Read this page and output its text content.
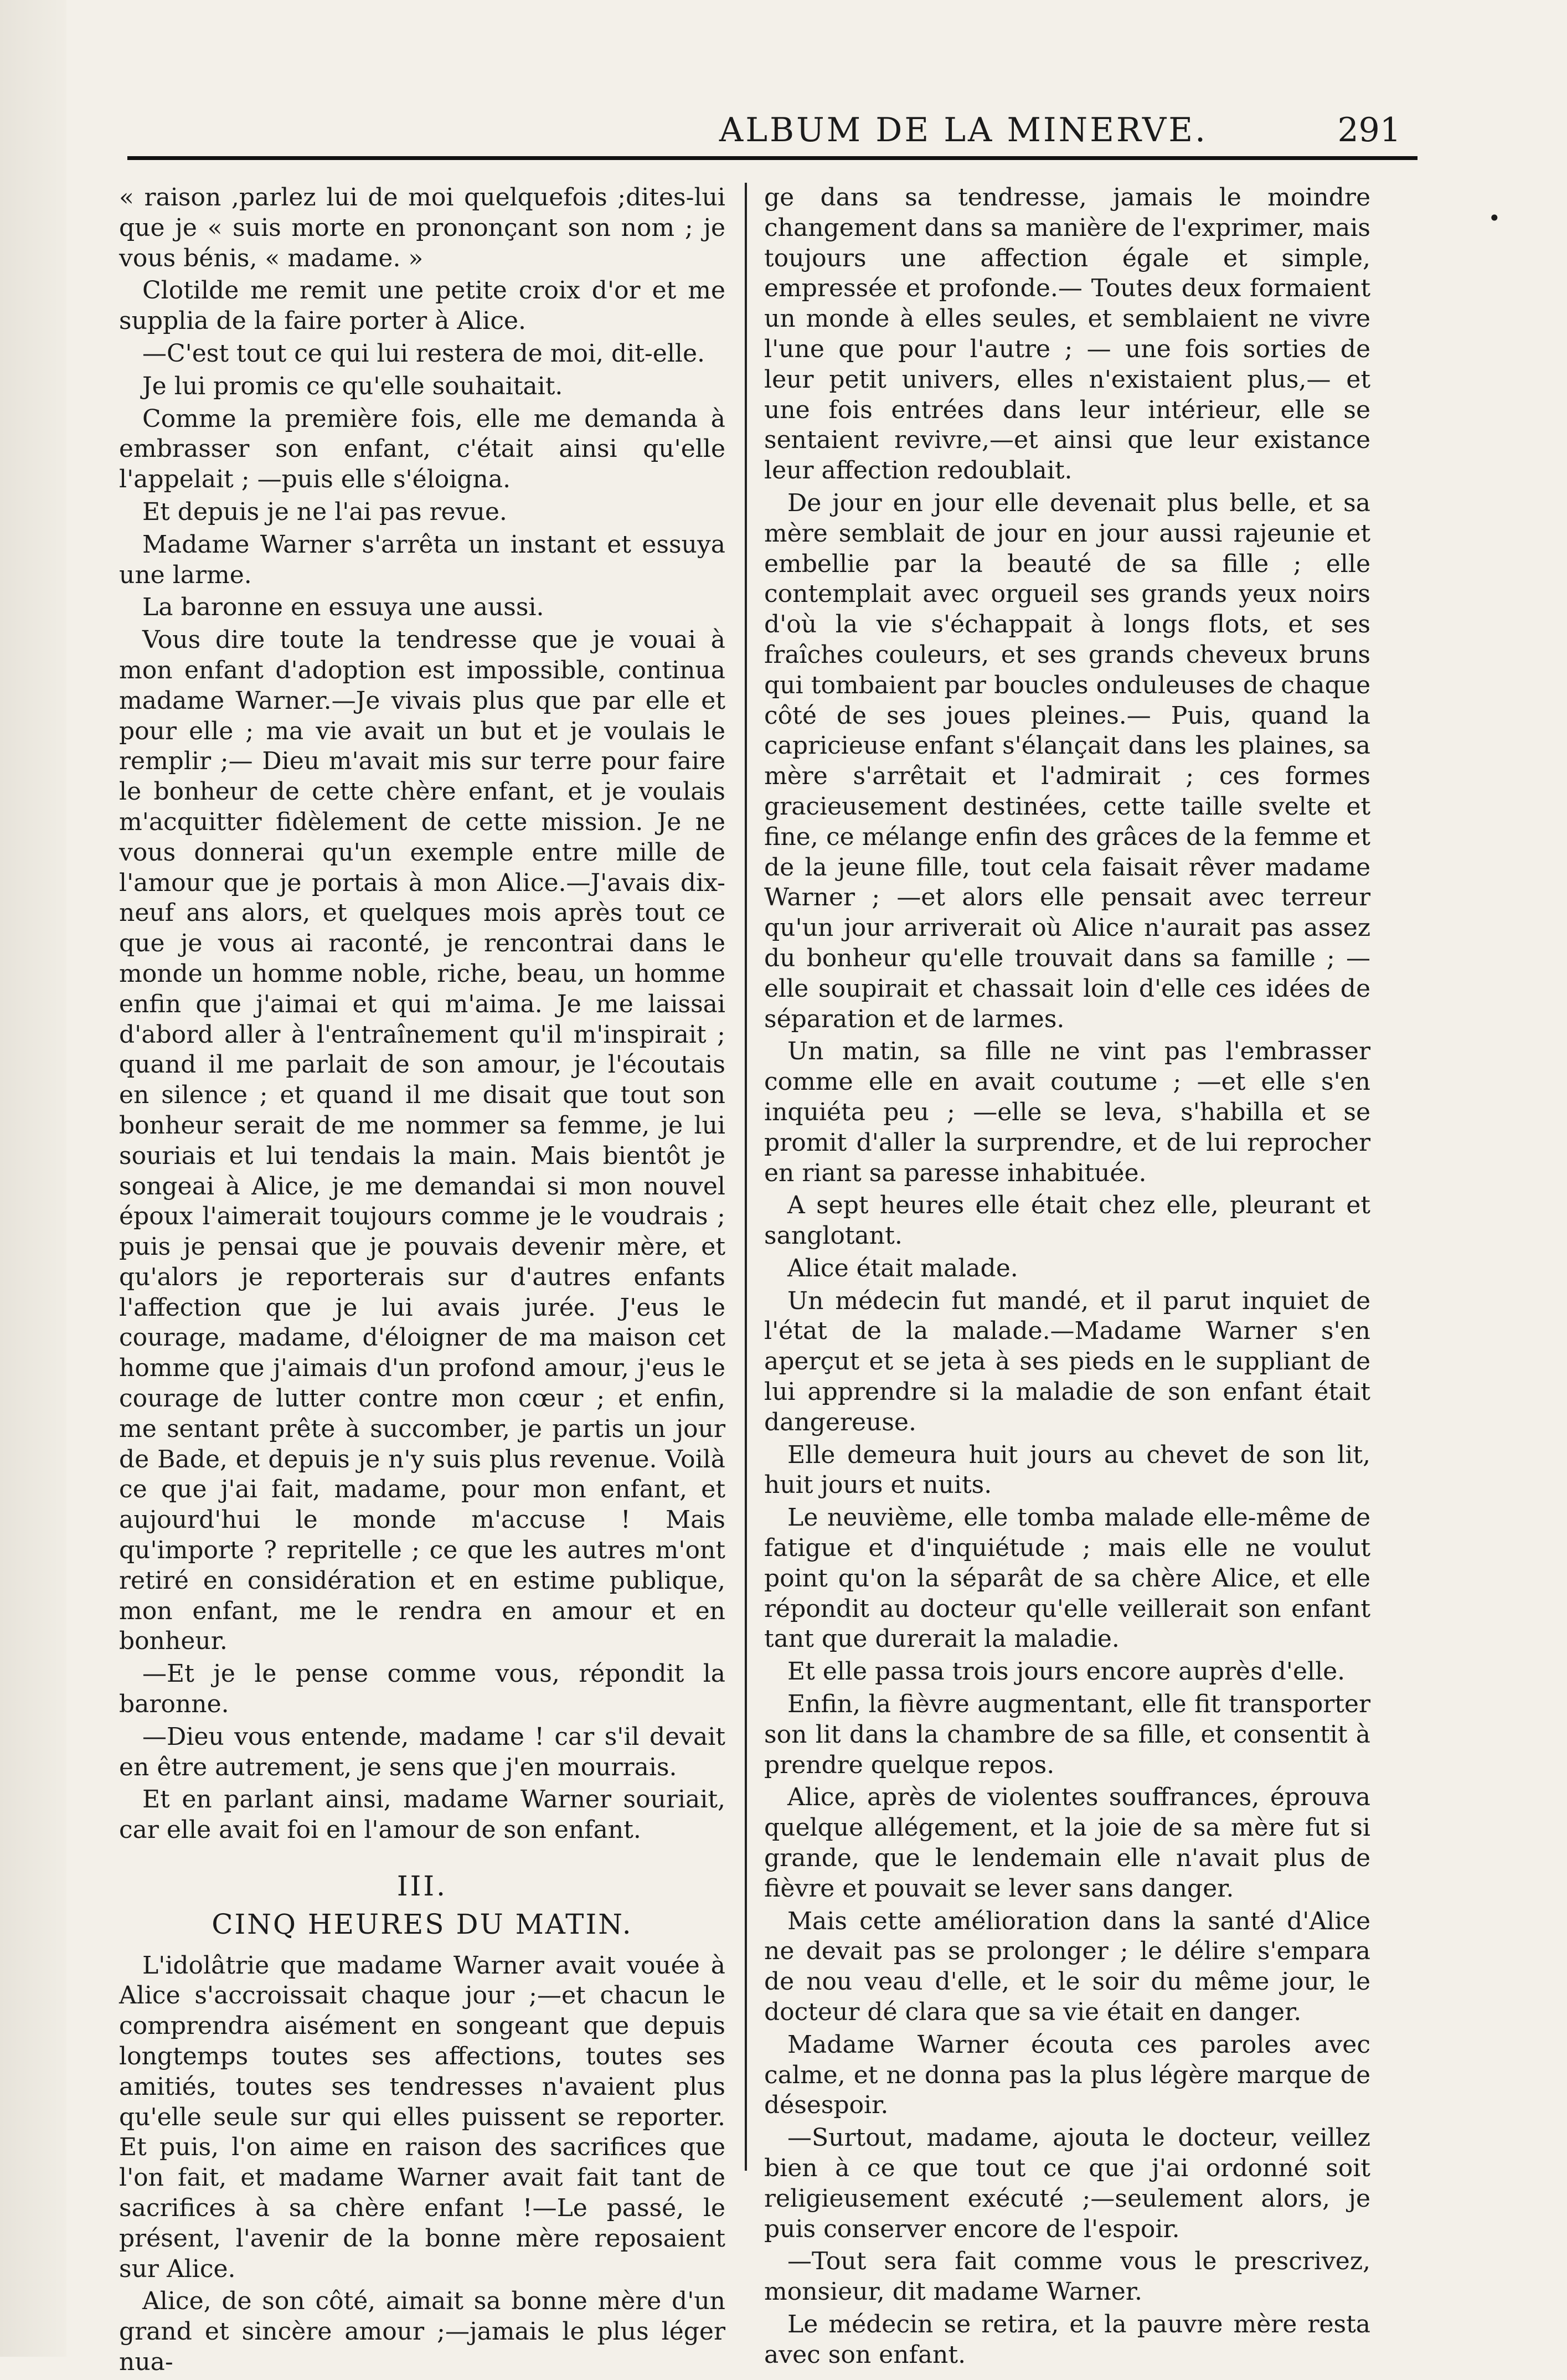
ALBUM DE LA MINERVE.	291
•

« raison ,parlez lui de moi quelquefois ;dites-lui que je « suis morte en prononçant son nom ; je vous bénis, « madame. »

Clotilde me remit une petite croix d'or et me supplia de la faire porter à Alice.

—C'est tout ce qui lui restera de moi, dit-elle.

Je lui promis ce qu'elle souhaitait.

Comme la première fois, elle me demanda à embrasser son enfant, c'était ainsi qu'elle l'appelait ; —puis elle s'éloigna.

Et depuis je ne l'ai pas revue.

Madame Warner s'arrêta un instant et essuya une larme.

La baronne en essuya une aussi.

Vous dire toute la tendresse que je vouai à mon enfant d'adoption est impossible, continua madame Warner.—Je vivais plus que par elle et pour elle ; ma vie avait un but et je voulais le remplir ;— Dieu m'avait mis sur terre pour faire le bonheur de cette chère enfant, et je voulais m'acquitter fidèlement de cette mission. Je ne vous donnerai qu'un exemple entre mille de l'amour que je portais à mon Alice.—J'avais dix-neuf ans alors, et quelques mois après tout ce que je vous ai raconté, je rencontrai dans le monde un homme noble, riche, beau, un homme enfin que j'aimai et qui m'aima. Je me laissai d'abord aller à l'entraînement qu'il m'inspirait ; quand il me parlait de son amour, je l'écoutais en silence ; et quand il me disait que tout son bonheur serait de me nommer sa femme, je lui souriais et lui tendais la main. Mais bientôt je songeai à Alice, je me demandai si mon nouvel époux l'aimerait toujours comme je le voudrais ; puis je pensai que je pouvais devenir mère, et qu'alors je reporterais sur d'autres enfants l'affection que je lui avais jurée. J'eus le courage, madame, d'éloigner de ma maison cet homme que j'aimais d'un profond amour, j'eus le courage de lutter contre mon cœur ; et enfin, me sentant prête à succomber, je partis un jour de Bade, et depuis je n'y suis plus revenue. Voilà ce que j'ai fait, madame, pour mon enfant, et aujourd'hui le monde m'accuse ! Mais qu'importe ? repritelle ; ce que les autres m'ont retiré en considération et en estime publique, mon enfant, me le rendra en amour et en bonheur.

—Et je le pense comme vous, répondit la baronne.

—Dieu vous entende, madame ! car s'il devait en être autrement, je sens que j'en mourrais.

Et en parlant ainsi, madame Warner souriait, car elle avait foi en l'amour de son enfant.

III.
CINQ HEURES DU MATIN.

L'idolâtrie que madame Warner avait vouée à Alice s'accroissait chaque jour ;—et chacun le comprendra aisément en songeant que depuis longtemps toutes ses affections, toutes ses amitiés, toutes ses tendresses n'avaient plus qu'elle seule sur qui elles puissent se reporter. Et puis, l'on aime en raison des sacrifices que l'on fait, et madame Warner avait fait tant de sacrifices à sa chère enfant !—Le passé, le présent, l'avenir de la bonne mère reposaient sur Alice.

Alice, de son côté, aimait sa bonne mère d'un grand et sincère amour ;—jamais le plus léger nua-

ge dans sa tendresse, jamais le moindre changement dans sa manière de l'exprimer, mais toujours une affection égale et simple, empressée et profonde.— Toutes deux formaient un monde à elles seules, et semblaient ne vivre l'une que pour l'autre ; — une fois sorties de leur petit univers, elles n'existaient plus,— et une fois entrées dans leur intérieur, elle se sentaient revivre,—et ainsi que leur existance leur affection redoublait.

De jour en jour elle devenait plus belle, et sa mère semblait de jour en jour aussi rajeunie et embellie par la beauté de sa fille ; elle contemplait avec orgueil ses grands yeux noirs d'où la vie s'échappait à longs flots, et ses fraîches couleurs, et ses grands cheveux bruns qui tombaient par boucles onduleuses de chaque côté de ses joues pleines.— Puis, quand la capricieuse enfant s'élançait dans les plaines, sa mère s'arrêtait et l'admirait ; ces formes gracieusement destinées, cette taille svelte et fine, ce mélange enfin des grâces de la femme et de la jeune fille, tout cela faisait rêver madame Warner ; —et alors elle pensait avec terreur qu'un jour arriverait où Alice n'aurait pas assez du bonheur qu'elle trouvait dans sa famille ; —elle soupirait et chassait loin d'elle ces idées de séparation et de larmes.

Un matin, sa fille ne vint pas l'embrasser comme elle en avait coutume ; —et elle s'en inquiéta peu ; —elle se leva, s'habilla et se promit d'aller la surprendre, et de lui reprocher en riant sa paresse inhabituée.

A sept heures elle était chez elle, pleurant et sanglotant.

Alice était malade.

Un médecin fut mandé, et il parut inquiet de l'état de la malade.—Madame Warner s'en aperçut et se jeta à ses pieds en le suppliant de lui apprendre si la maladie de son enfant était dangereuse.

Elle demeura huit jours au chevet de son lit, huit jours et nuits.

Le neuvième, elle tomba malade elle-même de fatigue et d'inquiétude ; mais elle ne voulut point qu'on la séparât de sa chère Alice, et elle répondit au docteur qu'elle veillerait son enfant tant que durerait la maladie.

Et elle passa trois jours encore auprès d'elle.

Enfin, la fièvre augmentant, elle fit transporter son lit dans la chambre de sa fille, et consentit à prendre quelque repos.

Alice, après de violentes souffrances, éprouva quelque allégement, et la joie de sa mère fut si grande, que le lendemain elle n'avait plus de fièvre et pouvait se lever sans danger.

Mais cette amélioration dans la santé d'Alice ne devait pas se prolonger ; le délire s'empara de nou veau d'elle, et le soir du même jour, le docteur dé clara que sa vie était en danger.

Madame Warner écouta ces paroles avec calme, et ne donna pas la plus légère marque de désespoir.

—Surtout, madame, ajouta le docteur, veillez bien à ce que tout ce que j'ai ordonné soit religieusement exécuté ;—seulement alors, je puis conserver encore de l'espoir.

—Tout sera fait comme vous le prescrivez, monsieur, dit madame Warner.

Le médecin se retira, et la pauvre mère resta avec son enfant.
